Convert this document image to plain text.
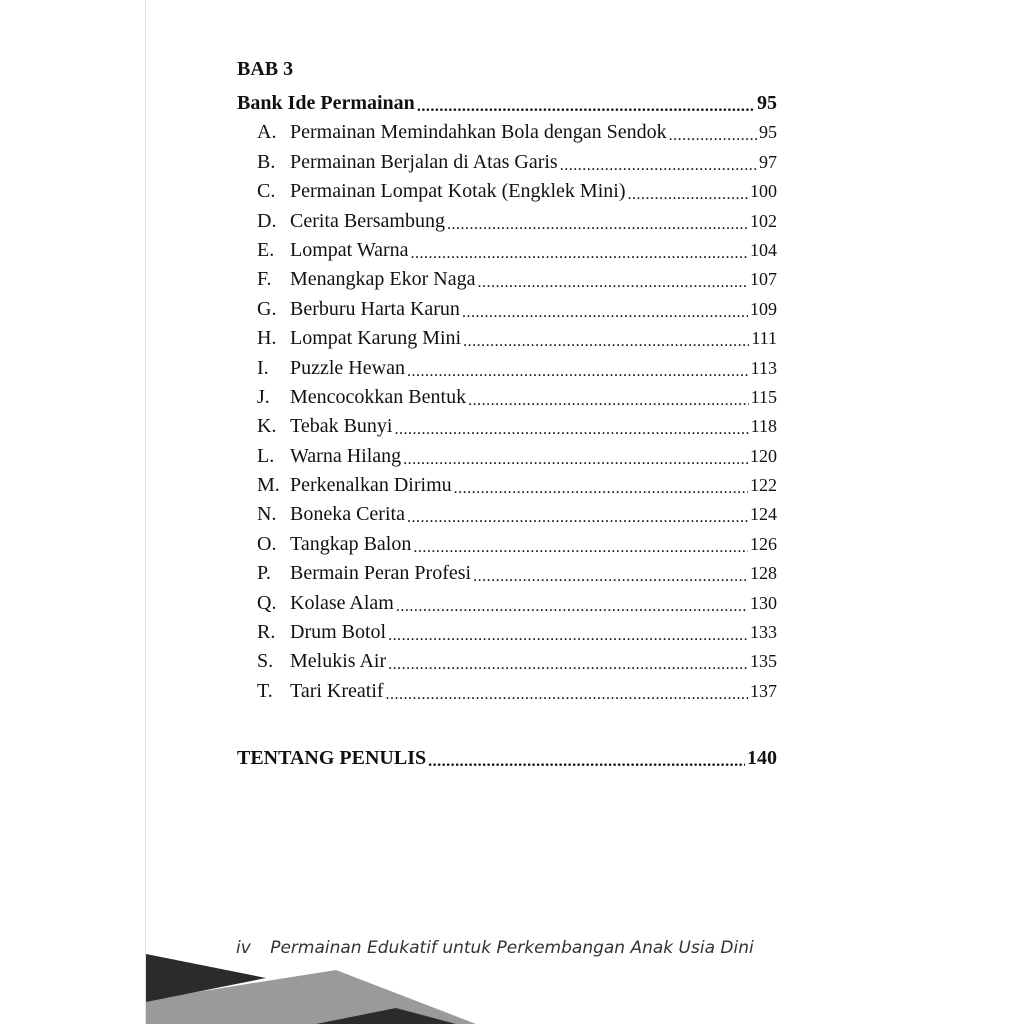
BAB 3
Bank Ide Permainan .....	95
A. Permainan Memindahkan Bola dengan Sendok .....	95
B. Permainan Berjalan di Atas Garis .....	97
C. Permainan Lompat Kotak (Engklek Mini) .....	100
D. Cerita Bersambung .....	102
E. Lompat Warna .....	104
F. Menangkap Ekor Naga .....	107
G. Berburu Harta Karun .....	109
H. Lompat Karung Mini .....	111
I.	Puzzle Hewan .....	113
J.	Mencocokkan Bentuk .....	115
K. Tebak Bunyi .....	118
L. Warna Hilang .....	120
M. Perkenalkan Dirimu .....	122
N. Boneka Cerita .....	124
O. Tangkap Balon .....	126
P. Bermain Peran Profesi .....	128
Q. Kolase Alam .....	130
R. Drum Botol .....	133
S. Melukis Air .....	135
T. Tari Kreatif .....	137
TENTANG PENULIS .....	140
iv Permainan Edukatif untuk Perkembangan Anak Usia Dini
